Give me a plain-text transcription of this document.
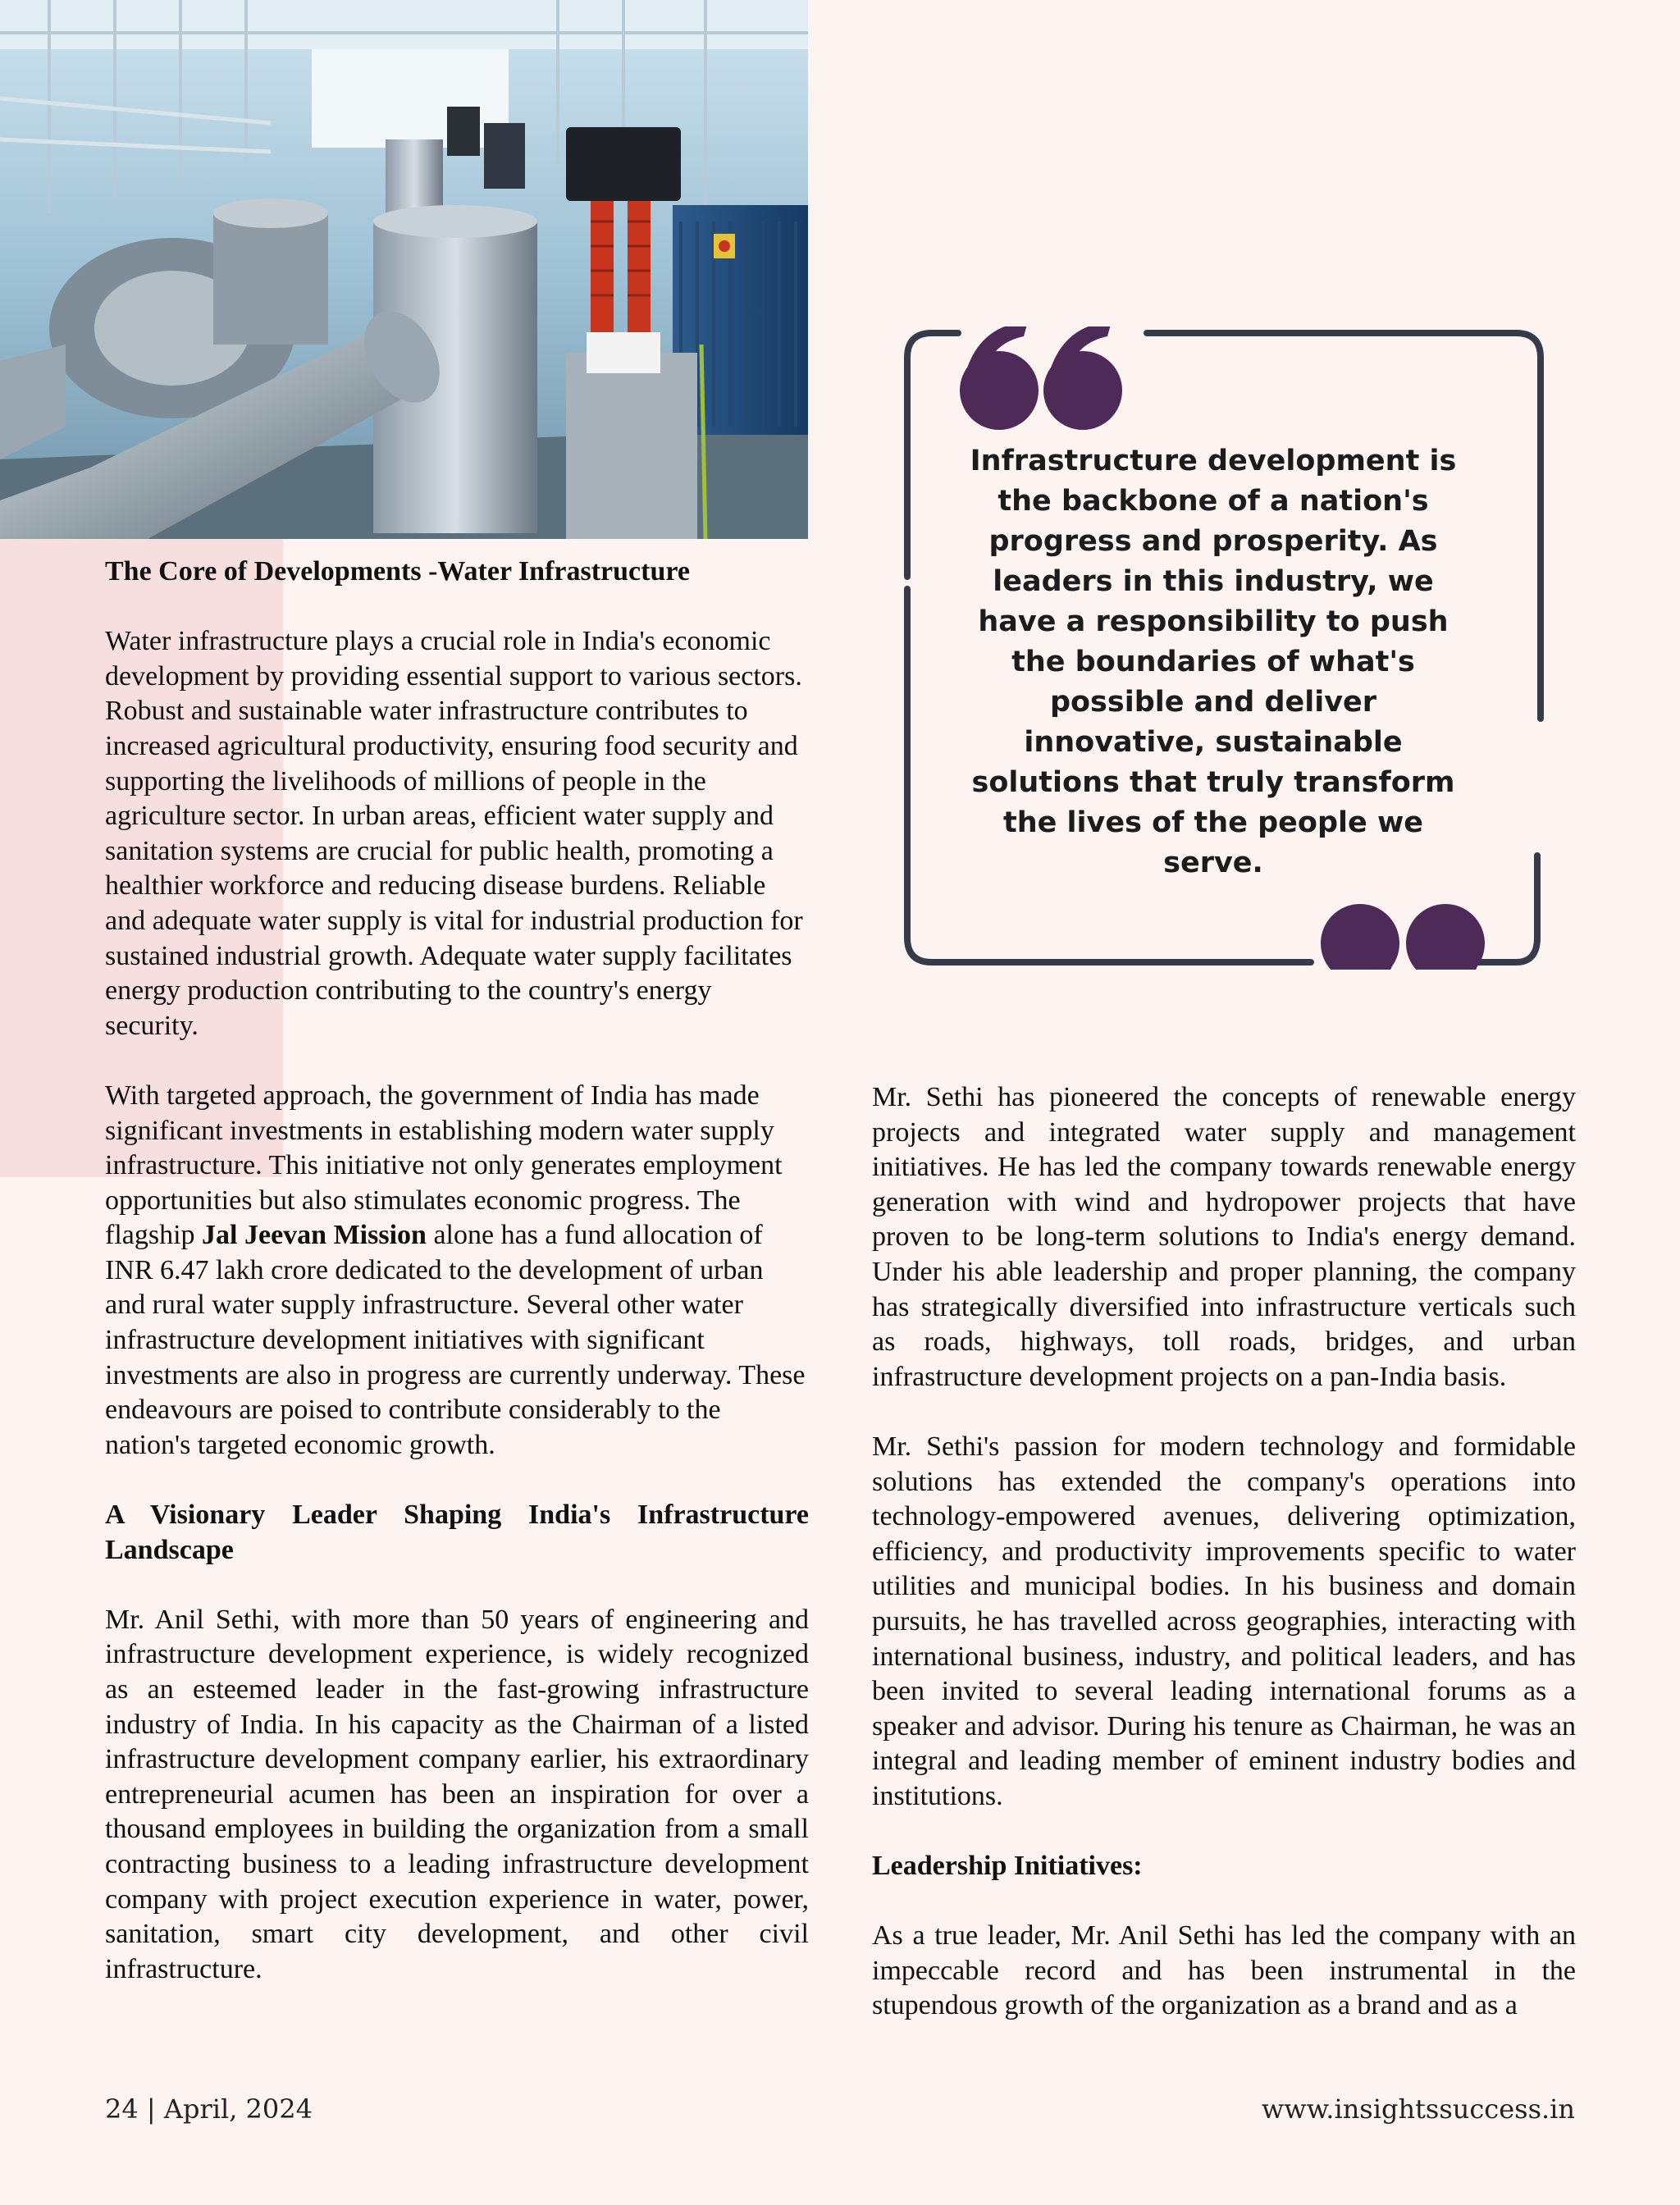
The Core of Developments -Water Infrastructure

Water infrastructure plays a crucial role in India's economic development by providing essential support to various sectors. Robust and sustainable water infrastructure contributes to increased agricultural productivity, ensuring food security and supporting the livelihoods of millions of people in the agriculture sector. In urban areas, efficient water supply and sanitation systems are crucial for public health, promoting a healthier workforce and reducing disease burdens. Reliable and adequate water supply is vital for industrial production for sustained industrial growth. Adequate water supply facilitates energy production contributing to the country's energy security.

With targeted approach, the government of India has made significant investments in establishing modern water supply infrastructure. This initiative not only generates employment opportunities but also stimulates economic progress. The flagship Jal Jeevan Mission alone has a fund allocation of INR 6.47 lakh crore dedicated to the development of urban and rural water supply infrastructure. Several other water infrastructure development initiatives with significant investments are also in progress are currently underway. These endeavours are poised to contribute considerably to the nation's targeted economic growth.

A Visionary Leader Shaping India's Infrastructure Landscape

Mr. Anil Sethi, with more than 50 years of engineering and infrastructure development experience, is widely recognized as an esteemed leader in the fast-growing infrastructure industry of India. In his capacity as the Chairman of a listed infrastructure development company earlier, his extraordinary entrepreneurial acumen has been an inspiration for over a thousand employees in building the organization from a small contracting business to a leading infrastructure development company with project execution experience in water, power, sanitation, smart city development, and other civil infrastructure.

Infrastructure development is the backbone of a nation's progress and prosperity. As leaders in this industry, we have a responsibility to push the boundaries of what's possible and deliver innovative, sustainable solutions that truly transform the lives of the people we serve.

Mr. Sethi has pioneered the concepts of renewable energy projects and integrated water supply and management initiatives. He has led the company towards renewable energy generation with wind and hydropower projects that have proven to be long-term solutions to India's energy demand. Under his able leadership and proper planning, the company has strategically diversified into infrastructure verticals such as roads, highways, toll roads, bridges, and urban infrastructure development projects on a pan-India basis.

Mr. Sethi's passion for modern technology and formidable solutions has extended the company's operations into technology-empowered avenues, delivering optimization, efficiency, and productivity improvements specific to water utilities and municipal bodies. In his business and domain pursuits, he has travelled across geographies, interacting with international business, industry, and political leaders, and has been invited to several leading international forums as a speaker and advisor. During his tenure as Chairman, he was an integral and leading member of eminent industry bodies and institutions.

Leadership Initiatives:

As a true leader, Mr. Anil Sethi has led the company with an impeccable record and has been instrumental in the stupendous growth of the organization as a brand and as a

24 | April, 2024	www.insightssuccess.in
